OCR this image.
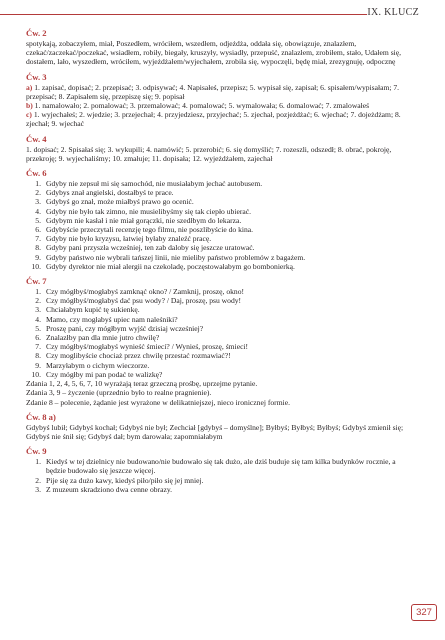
IX. KLUCZ
Ćw. 2

spotykają, zobaczyłem, miał, Poszedłem, wróciłem, wszedłem, odjeżdża, oddała się, obowiązuje, znalazłem, czekać/zaczekać/poczekać, wsiadłem, robiły, biegały, kruszyły, wysiadły, przepuść, znalazłem, zrobiłem, stało, Udałem się, dostałem, lało, wyszedłem, wróciłem, wyjeżdżałem/wyjechałem, zrobiła się, wypoczęli, będę miał, zrezygnuję, odpocznę

Ćw. 3

a) 1. zapisać, dopisać; 2. przepisać; 3. odpisywać; 4. Napisałeś, przepisz; 5. wypisał się, zapisał; 6. spisałem/wypisałam; 7. przepisać; 8. Zapisałem się, przepiszę się; 9. popisał

b) 1. namalowało; 2. pomalować; 3. przemalować; 4. pomalować; 5. wymalowała; 6. domalować; 7. zmalowałeś

c) 1. wyjechałeś; 2. wjedzie; 3. przejechał; 4. przyjedziesz, przyjechać; 5. zjechał, pozjeżdżać; 6. wjechać; 7. dojeżdżam; 8. zjechał; 9. wjechać

Ćw. 4

1. dopisać; 2. Spisałaś się; 3. wykupili; 4. namówić; 5. przerobić; 6. się domyślić; 7. rozeszli, odszedł; 8. obrać, pokroję, przekroję; 9. wyjechaliśmy; 10. zmałuje; 11. dopisała; 12. wyjeżdżałem, zajechał

Ćw. 6
1. Gdyby nie zepsuł mi się samochód, nie musiałabym jechać autobusem.
2. Gdybys znał angielski, dostałbyś te prace.
3. Gdybyś go znał, może miałbyś prawo go ocenić.
4. Gdyby nie było tak zimno, nie musielibyśmy się tak ciepło ubierać.
5. Gdybym nie kasłał i nie miał gorączki, nie szedłbym do lekarza.
6. Gdybyście przeczytali recenzję tego filmu, nie poszlibyście do kina.
7. Gdyby nie było kryzysu, łatwiej byłaby znaleźć pracę.
8. Gdyby pani przyszła wcześniej, ten zab daloby się jeszcze uratować.
9. Gdyby państwo nie wybrali tańszej linii, nie mieliby państwo problemów z bagażem.
10. Gdyby dyrektor nie miał alergii na czekoladę, poczęstowałabym go bombonierką.
Ćw. 7
1. Czy mógłbyś/mogłabyś zamknąć okno? / Zamknij, proszę, okno!
2. Czy mógłbyś/mogłabyś dać psu wody? / Daj, proszę, psu wody!
3. Chciałabym kupić tę sukienkę.
4. Mamo, czy mogłabyś upiec nam naleśniki?
5. Proszę pani, czy mógłbym wyjść dzisiaj wcześniej?
6. Znalazłby pan dla mnie jutro chwilę?
7. Czy mógłbyś/mogłabyś wynieść śmieci? / Wynieś, proszę, śmieci!
8. Czy moglibyście chociaż przez chwilę przestać rozmawiać?!
9. Marzyłabym o cichym wieczorze.
10. Czy mógłby mi pan podać te walizkę?

Zdania 1, 2, 4, 5, 6, 7, 10 wyrażają teraz grzeczną prośbę, uprzejme pytanie.

Zdania 3, 9 – życzenie (uprzednio było to realne pragnienie).

Zdanie 8 – polecenie, żądanie jest wyrażone w delikatniejszej, nieco ironicznej formie.

Ćw. 8 a)

Gdybyś lubił; Gdybyś kochał; Gdybyś nie był; Zechciał [gdybyś – domyślne]; Byłbyś; Byłbyś; Byłbyś; Gdybyś zmienił się; Gdybyś nie śnił się; Gdybyś dał; bym darowała; zapomniałabym

Ćw. 9
1. Kiedyś w tej dzielnicy nie budowano/nie budowało się tak dużo, ale dziś buduje się tam kilka budynków rocznie, a będzie budowało się jeszcze więcej.
2. Pije się za dużo kawy, kiedyś piło/piło się jej mniej.
3. Z muzeum skradziono dwa cenne obrazy.
327
